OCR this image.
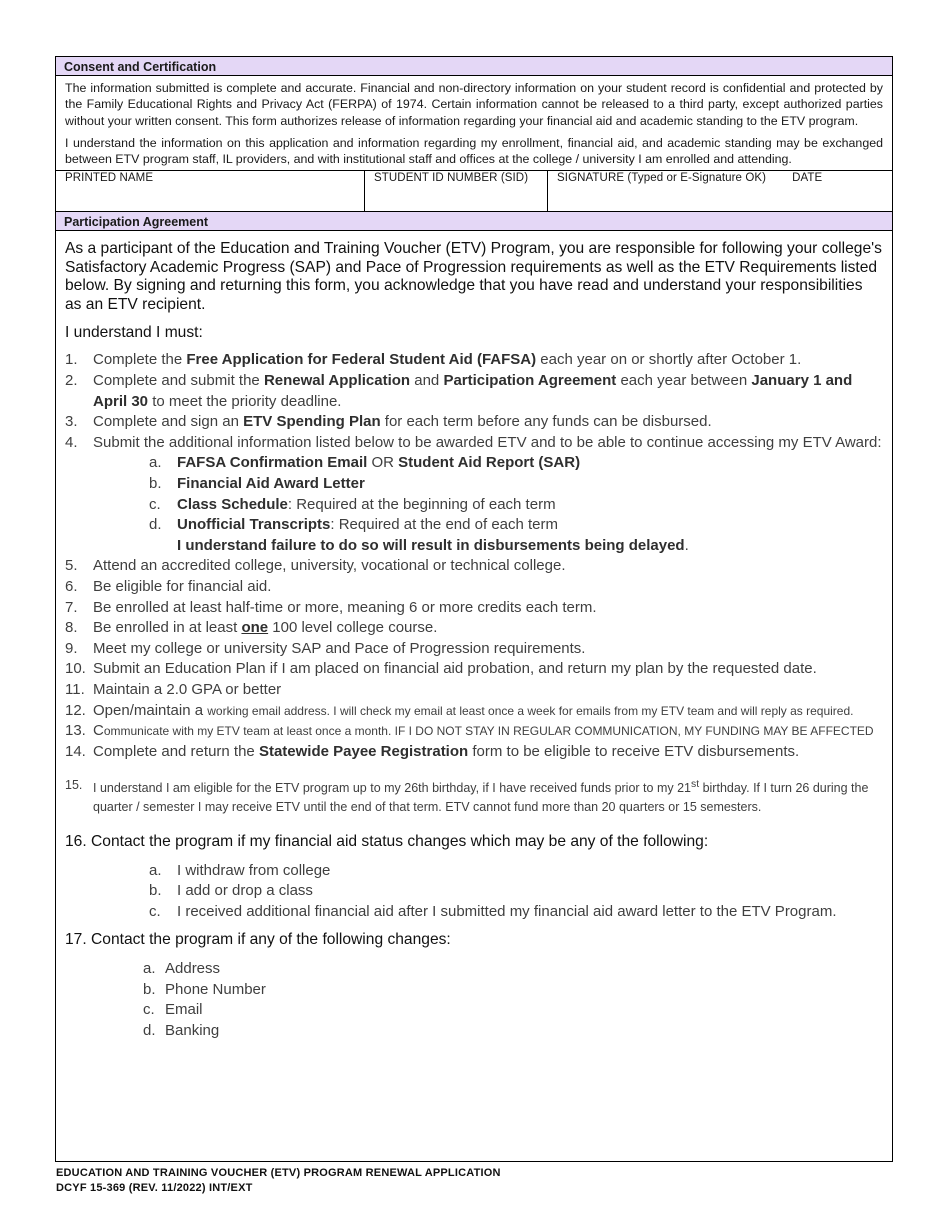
Consent and Certification

The information submitted is complete and accurate. Financial and non-directory information on your student record is confidential and protected by the Family Educational Rights and Privacy Act (FERPA) of 1974. Certain information cannot be released to a third party, except authorized parties without your written consent. This form authorizes release of information regarding your financial aid and academic standing to the ETV program.

I understand the information on this application and information regarding my enrollment, financial aid, and academic standing may be exchanged between ETV program staff, IL providers, and with institutional staff and offices at the college / university I am enrolled and attending.

PRINTED NAME	STUDENT ID NUMBER (SID)	SIGNATURE (Typed or E-Signature OK) DATE
Participation Agreement

As a participant of the Education and Training Voucher (ETV) Program, you are responsible for following your college's Satisfactory Academic Progress (SAP) and Pace of Progression requirements as well as the ETV Requirements listed below. By signing and returning this form, you acknowledge that you have read and understand your responsibilities as an ETV recipient.

I understand I must:

1. Complete the Free Application for Federal Student Aid (FAFSA) each year on or shortly after October 1.
2. Complete and submit the Renewal Application and Participation Agreement each year between January 1 and April 30 to meet the priority deadline.
3. Complete and sign an ETV Spending Plan for each term before any funds can be disbursed.
4. Submit the additional information listed below to be awarded ETV and to be able to continue accessing my ETV Award:
a. FAFSA Confirmation Email OR Student Aid Report (SAR)
b. Financial Aid Award Letter
c. Class Schedule: Required at the beginning of each term
d. Unofficial Transcripts: Required at the end of each term
I understand failure to do so will result in disbursements being delayed.
5. Attend an accredited college, university, vocational or technical college.
6. Be eligible for financial aid.
7. Be enrolled at least half-time or more, meaning 6 or more credits each term.
8. Be enrolled in at least one 100 level college course.
9. Meet my college or university SAP and Pace of Progression requirements.
10. Submit an Education Plan if I am placed on financial aid probation, and return my plan by the requested date.
11. Maintain a 2.0 GPA or better
12. Open/maintain a working email address. I will check my email at least once a week for emails from my ETV team and will reply as required.
13. Communicate with my ETV team at least once a month. IF I DO NOT STAY IN REGULAR COMMUNICATION, MY FUNDING MAY BE AFFECTED
14. Complete and return the Statewide Payee Registration form to be eligible to receive ETV disbursements.
15. I understand I am eligible for the ETV program up to my 26th birthday, if I have received funds prior to my 21st birthday. If I turn 26 during the quarter / semester I may receive ETV until the end of that term. ETV cannot fund more than 20 quarters or 15 semesters.

16. Contact the program if my financial aid status changes which may be any of the following:

a. I withdraw from college
b. I add or drop a class
c. I received additional financial aid after I submitted my financial aid award letter to the ETV Program.

17. Contact the program if any of the following changes:

a. Address
b. Phone Number
c. Email
d. Banking
EDUCATION AND TRAINING VOUCHER (ETV) PROGRAM RENEWAL APPLICATION
DCYF 15-369 (REV. 11/2022) INT/EXT
